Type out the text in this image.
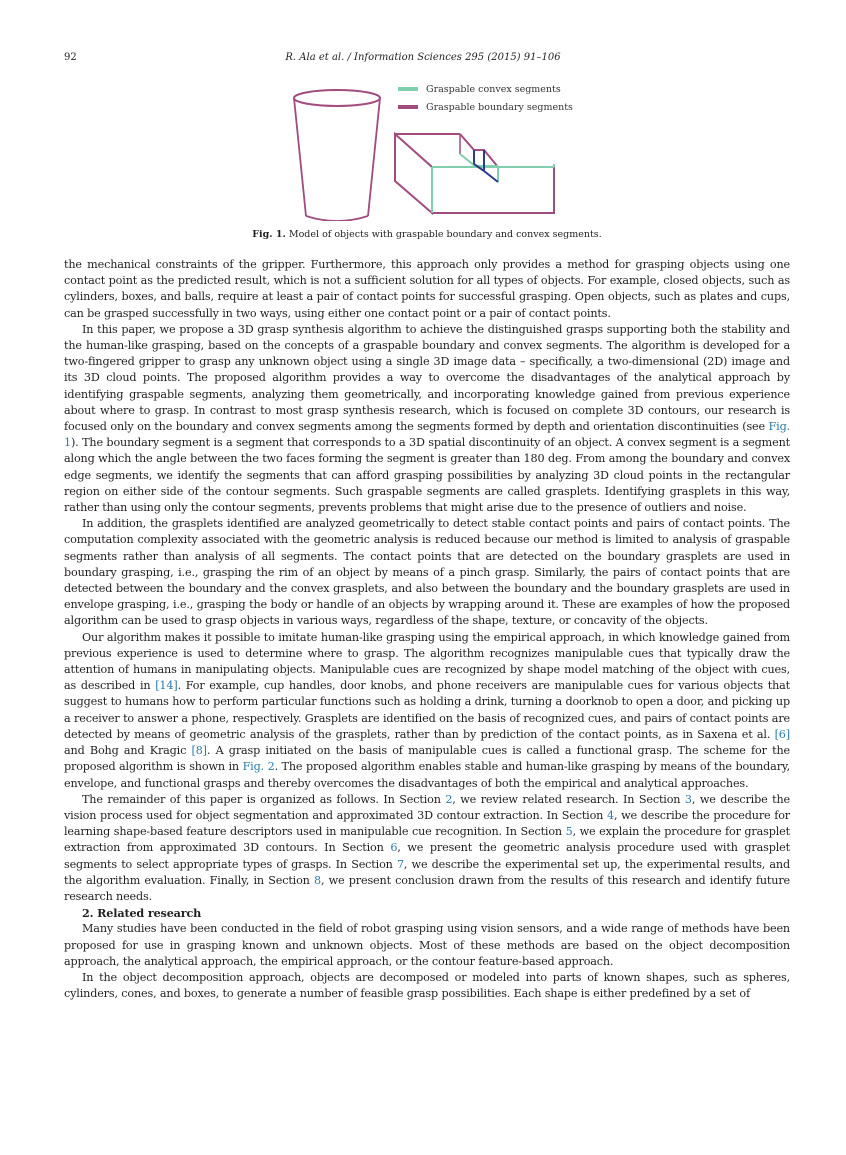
92	R. Ala et al. / Information Sciences 295 (2015) 91–106
Graspable convex segments
Graspable boundary segments
Fig. 1. Model of objects with graspable boundary and convex segments.

the mechanical constraints of the gripper. Furthermore, this approach only provides a method for grasping objects using one contact point as the predicted result, which is not a sufficient solution for all types of objects. For example, closed objects, such as cylinders, boxes, and balls, require at least a pair of contact points for successful grasping. Open objects, such as plates and cups, can be grasped successfully in two ways, using either one contact point or a pair of contact points.

In this paper, we propose a 3D grasp synthesis algorithm to achieve the distinguished grasps supporting both the stability and the human-like grasping, based on the concepts of a graspable boundary and convex segments. The algorithm is developed for a two-fingered gripper to grasp any unknown object using a single 3D image data – specifically, a two-dimensional (2D) image and its 3D cloud points. The proposed algorithm provides a way to overcome the disadvantages of the analytical approach by identifying graspable segments, analyzing them geometrically, and incorporating knowledge gained from previous experience about where to grasp. In contrast to most grasp synthesis research, which is focused on complete 3D contours, our research is focused only on the boundary and convex segments among the segments formed by depth and orientation discontinuities (see Fig. 1). The boundary segment is a segment that corresponds to a 3D spatial discontinuity of an object. A convex segment is a segment along which the angle between the two faces forming the segment is greater than 180 deg. From among the boundary and convex edge segments, we identify the segments that can afford grasping possibilities by analyzing 3D cloud points in the rectangular region on either side of the contour segments. Such graspable segments are called grasplets. Identifying grasplets in this way, rather than using only the contour segments, prevents problems that might arise due to the presence of outliers and noise.

In addition, the grasplets identified are analyzed geometrically to detect stable contact points and pairs of contact points. The computation complexity associated with the geometric analysis is reduced because our method is limited to analysis of graspable segments rather than analysis of all segments. The contact points that are detected on the boundary grasplets are used in boundary grasping, i.e., grasping the rim of an object by means of a pinch grasp. Similarly, the pairs of contact points that are detected between the boundary and the convex grasplets, and also between the boundary and the boundary grasplets are used in envelope grasping, i.e., grasping the body or handle of an objects by wrapping around it. These are examples of how the proposed algorithm can be used to grasp objects in various ways, regardless of the shape, texture, or concavity of the objects.

Our algorithm makes it possible to imitate human-like grasping using the empirical approach, in which knowledge gained from previous experience is used to determine where to grasp. The algorithm recognizes manipulable cues that typically draw the attention of humans in manipulating objects. Manipulable cues are recognized by shape model matching of the object with cues, as described in [14]. For example, cup handles, door knobs, and phone receivers are manipulable cues for various objects that suggest to humans how to perform particular functions such as holding a drink, turning a doorknob to open a door, and picking up a receiver to answer a phone, respectively. Grasplets are identified on the basis of recognized cues, and pairs of contact points are detected by means of geometric analysis of the grasplets, rather than by prediction of the contact points, as in Saxena et al. [6] and Bohg and Kragic [8]. A grasp initiated on the basis of manipulable cues is called a functional grasp. The scheme for the proposed algorithm is shown in Fig. 2. The proposed algorithm enables stable and human-like grasping by means of the boundary, envelope, and functional grasps and thereby overcomes the disadvantages of both the empirical and analytical approaches.

The remainder of this paper is organized as follows. In Section 2, we review related research. In Section 3, we describe the vision process used for object segmentation and approximated 3D contour extraction. In Section 4, we describe the procedure for learning shape-based feature descriptors used in manipulable cue recognition. In Section 5, we explain the procedure for grasplet extraction from approximated 3D contours. In Section 6, we present the geometric analysis procedure used with grasplet segments to select appropriate types of grasps. In Section 7, we describe the experimental set up, the experimental results, and the algorithm evaluation. Finally, in Section 8, we present conclusion drawn from the results of this research and identify future research needs.

2. Related research

Many studies have been conducted in the field of robot grasping using vision sensors, and a wide range of methods have been proposed for use in grasping known and unknown objects. Most of these methods are based on the object decomposition approach, the analytical approach, the empirical approach, or the contour feature-based approach.

In the object decomposition approach, objects are decomposed or modeled into parts of known shapes, such as spheres, cylinders, cones, and boxes, to generate a number of feasible grasp possibilities. Each shape is either predefined by a set of
